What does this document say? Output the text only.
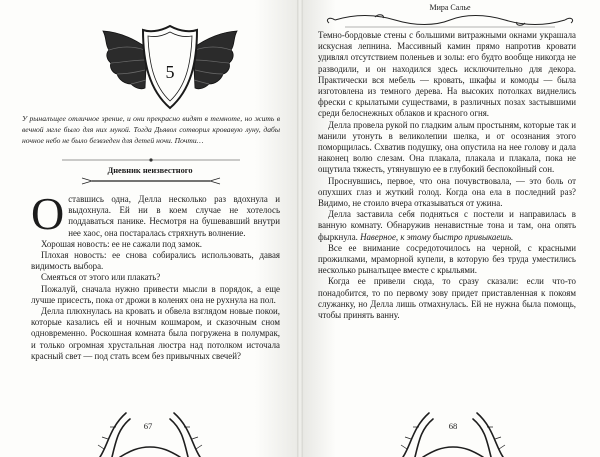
5
У рыналъщее отличное зрение, и они прекрасно видят в темноте, но жить в вечной мгле было для них мукой. Тогда Дьявол сотворил кровавую луну, дабы ночное небо не было безвзеден для детей ночи. Почти…
Дневник неизвестного

Оставшись одна, Делла несколько раз вдохнула и выдохнула. Ей ни в коем случае не хотелось поддаваться панике. Несмотря на бушевавший внутри нее хаос, она постаралась стряхнуть волнение.

Хорошая новость: ее не сажали под замок.

Плохая новость: ее снова собирались использовать, давая видимость выбора.

Смеяться от этого или плакать?

Пожалуй, сначала нужно привести мысли в порядок, а еще лучше присесть, пока от дрожи в коленях она не рухнула на пол.

Делла плюхнулась на кровать и обвела взглядом новые покои, которые казались ей и ночным кошмаром, и сказочным сном одновременно. Роскошная комната была погружена в полумрак, и только огромная хрустальная люстра над потолком источала красный свет — под стать всем без привычных свечей?

67
Мира Салье

Темно-бордовые стены с большими витражными окнами украшала искусная лепнина. Массивный камин прямо напротив кровати удивлял отсутствием поленьев и золы: его будто вообще никогда не разводили, и он находился здесь исключительно для декора. Практически вся мебель — кровать, шкафы и комоды — была изготовлена из темного дерева. На высоких потолках виднелись фрески с крылатыми существами, в различных позах застывшими среди белоснежных облаков и красного огня.

Делла провела рукой по гладким алым простыням, которые так и манили утонуть в великолепии шелка, и от осознания этого поморщилась. Схватив подушку, она опустила на нее голову и дала наконец волю слезам. Она плакала, плакала и плакала, пока не ощутила тяжесть, утянувшую ее в глубокий беспокойный сон.

Проснувшись, первое, что она почувствовала, — это боль от опухших глаз и жуткий голод. Когда она ела в последний раз? Видимо, не стоило вчера отказываться от ужина.

Делла заставила себя подняться с постели и направилась в ванную комнату. Обнаружив ненавистные тона и там, она опять фыркнула. Наверное, к этому быстро привыкаешь.

Все ее внимание сосредоточилось на черной, с красными прожилками, мраморной купели, в которую без труда уместились несколько рыналъщее вместе с крыльями.

Когда ее привели сюда, то сразу сказали: если что-то понадобится, то по первому зову придет приставленная к покоям служанку, но Делла лишь отмахнулась. Ей не нужна была помощь, чтобы принять ванну.

68
